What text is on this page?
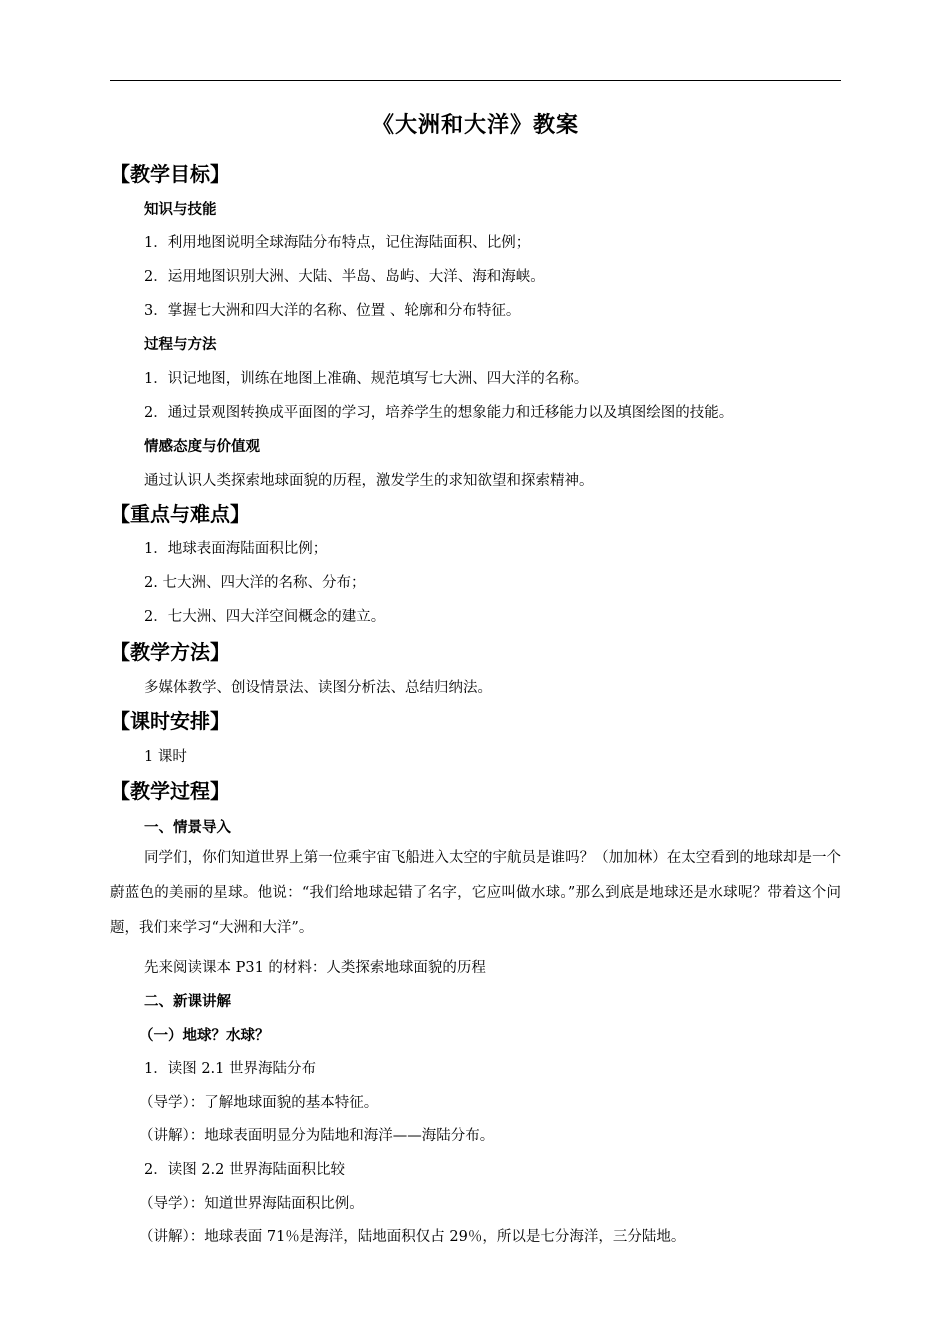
《大洲和大洋》教案
【教学目标】
知识与技能
1．利用地图说明全球海陆分布特点，记住海陆面积、比例；
2．运用地图识别大洲、大陆、半岛、岛屿、大洋、海和海峡。
3．掌握七大洲和四大洋的名称、位置 、轮廓和分布特征。
过程与方法
1．识记地图，训练在地图上准确、规范填写七大洲、四大洋的名称。
2．通过景观图转换成平面图的学习，培养学生的想象能力和迁移能力以及填图绘图的技能。
情感态度与价值观
通过认识人类探索地球面貌的历程，激发学生的求知欲望和探索精神。
【重点与难点】
1．地球表面海陆面积比例；
2. 七大洲、四大洋的名称、分布；
2．七大洲、四大洋空间概念的建立。
【教学方法】
多媒体教学、创设情景法、读图分析法、总结归纳法。
【课时安排】
1 课时
【教学过程】
一、情景导入
同学们，你们知道世界上第一位乘宇宙飞船进入太空的宇航员是谁吗？（加加林）在太空看到的地球却是一个蔚蓝色的美丽的星球。他说：“我们给地球起错了名字，它应叫做水球。”那么到底是地球还是水球呢？带着这个问题，我们来学习“大洲和大洋”。
先来阅读课本 P31 的材料：人类探索地球面貌的历程
二、新课讲解
（一）地球？水球？
1．读图 2.1 世界海陆分布
（导学）：了解地球面貌的基本特征。
（讲解）：地球表面明显分为陆地和海洋——海陆分布。
2．读图 2.2 世界海陆面积比较
（导学）：知道世界海陆面积比例。
（讲解）：地球表面 71％是海洋，陆地面积仅占 29％，所以是七分海洋，三分陆地。
